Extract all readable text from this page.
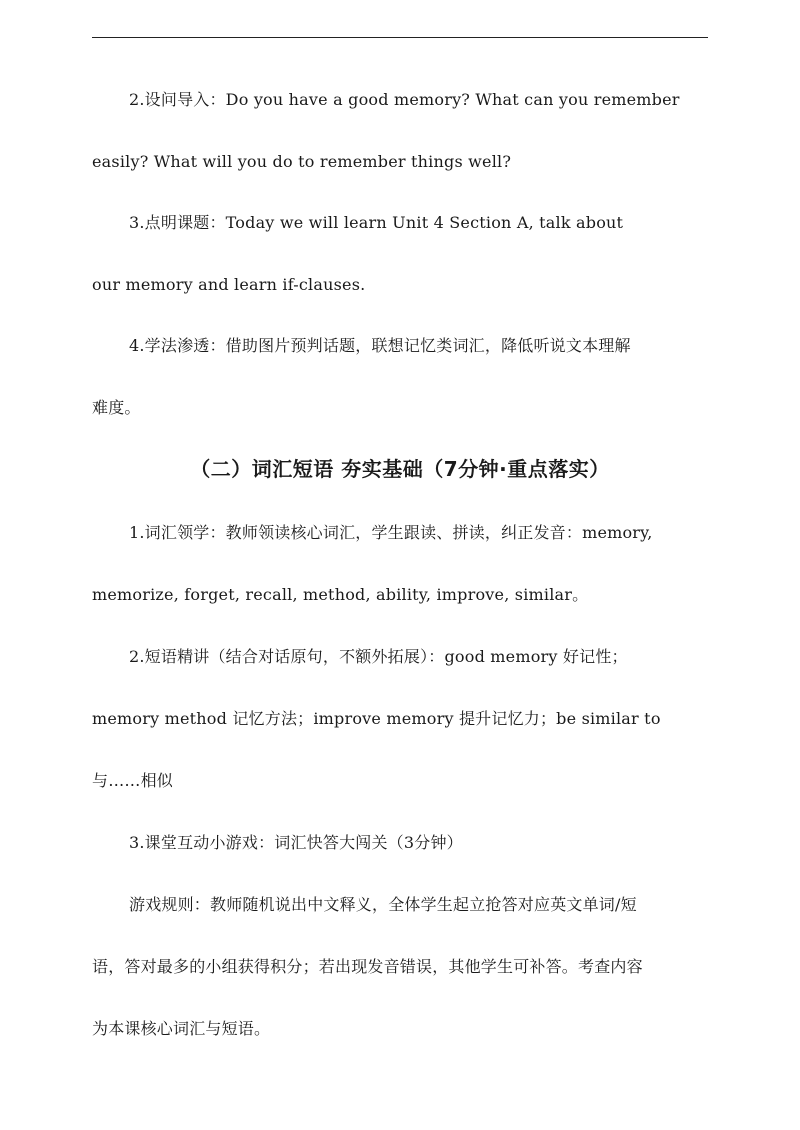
2.设问导入：Do you have a good memory? What can you remember
easily? What will you do to remember things well?
3.点明课题：Today we will learn Unit 4 Section A, talk about
our memory and learn if-clauses.
4.学法渗透：借助图片预判话题，联想记忆类词汇，降低听说文本理解
难度。
（二）词汇短语 夯实基础（7分钟·重点落实）
1.词汇领学：教师领读核心词汇，学生跟读、拼读，纠正发音：memory,
memorize, forget, recall, method, ability, improve, similar。
2.短语精讲（结合对话原句，不额外拓展）：good memory 好记性；
memory method 记忆方法；improve memory 提升记忆力；be similar to
与……相似
3.课堂互动小游戏：词汇快答大闯关（3分钟）
游戏规则：教师随机说出中文释义，全体学生起立抢答对应英文单词/短
语，答对最多的小组获得积分；若出现发音错误，其他学生可补答。考查内容
为本课核心词汇与短语。
